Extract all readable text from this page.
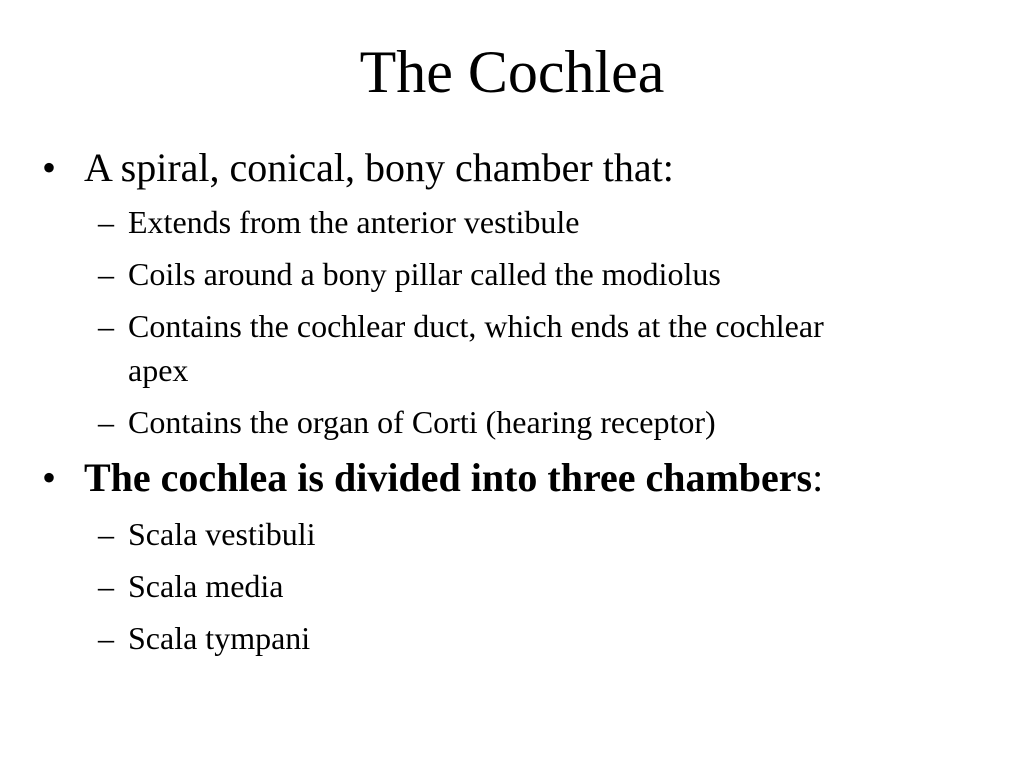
The Cochlea
• A spiral, conical, bony chamber that:
– Extends from the anterior vestibule
– Coils around a bony pillar called the modiolus
– Contains the cochlear duct, which ends at the cochlear apex
– Contains the organ of Corti (hearing receptor)
• The cochlea is divided into three chambers:
– Scala vestibuli
– Scala media
– Scala tympani
